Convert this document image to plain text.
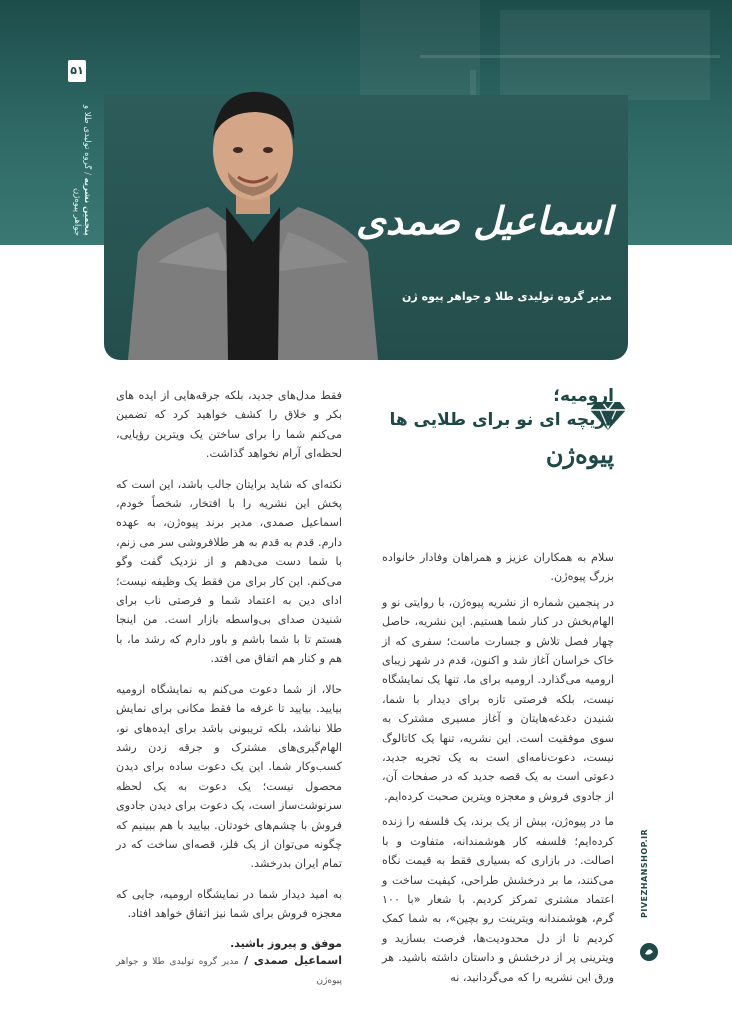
۵۱
پنجمین نشریه / گروه تولیدی طلا و جواهر پیوه‌ژن	اسماعیل صمدی
مدیر گروه تولیدی طلا و جواهر پیوه ژن
ارومیه؛
دریچه ای نو برای طلایی ها
پیوه‌ژن

سلام به همکاران عزیز و همراهان وفادار خانواده بزرگ پیوه‌ژن.

در پنجمین شماره از نشریه پیوه‌ژن، با روایتی نو و الهام‌بخش در کنار شما هستیم. این نشریه، حاصل چهار فصل تلاش و جسارت ماست؛ سفری که از خاک خراسان آغاز شد و اکنون، قدم در شهر زیبای ارومیه می‌گذارد. ارومیه برای ما، تنها یک نمایشگاه نیست، بلکه فرصتی تازه برای دیدار با شما، شنیدن دغدغه‌هایتان و آغاز مسیری مشترک به سوی موفقیت است. این نشریه، تنها یک کاتالوگ نیست، دعوت‌نامه‌ای است به یک تجربه جدید، دعوتی است به یک قصه جدید که در صفحات آن، از جادوی فروش و معجزه ویترین صحبت کرده‌ایم.

ما در پیوه‌ژن، بیش از یک برند، یک فلسفه را زنده کرده‌ایم؛ فلسفه کار هوشمندانه، متفاوت و با اصالت. در بازاری که بسیاری فقط به قیمت نگاه می‌کنند، ما بر درخشش طراحی، کیفیت ساخت و اعتماد مشتری تمرکز کردیم. با شعار «با ۱۰۰ گرم، هوشمندانه ویترینت رو بچین»، به شما کمک کردیم تا از دل محدودیت‌ها، فرصت بسازید و ویترینی پر از درخشش و داستان داشته باشید. هر ورق این نشریه را که می‌گردانید، نه

فقط مدل‌های جدید، بلکه جرقه‌هایی از ایده های بکر و خلاق را کشف خواهید کرد که تضمین می‌کنم شما را برای ساختن یک ویترین رؤیایی، لحظه‌ای آرام نخواهد گذاشت.

نکته‌ای که شاید برایتان جالب باشد، این است که پخش این نشریه را با افتخار، شخصاً خودم، اسماعیل صمدی، مدیر برند پیوه‌ژن، به عهده دارم. قدم به قدم به هر طلافروشی سر می زنم، با شما دست می‌دهم و از نزدیک گفت وگو می‌کنم. این کار برای من فقط یک وظیفه نیست؛ ادای دین به اعتماد شما و فرصتی ناب برای شنیدن صدای بی‌واسطه بازار است. من اینجا هستم تا با شما باشم و باور دارم که رشد ما، با هم و کنار هم اتفاق می افتد.

حالا، از شما دعوت می‌کنم به نمایشگاه ارومیه بیایید. بیایید تا غرفه ما فقط مکانی برای نمایش طلا نباشد، بلکه تریبونی باشد برای ایده‌های نو، الهام‌گیری‌های مشترک و جرقه زدن رشد کسب‌وکار شما. این یک دعوت ساده برای دیدن محصول نیست؛ یک دعوت به یک لحظه سرنوشت‌ساز است، یک دعوت برای دیدن جادوی فروش با چشم‌های خودتان. بیایید با هم ببینیم که چگونه می‌توان از یک فلز، قصه‌ای ساخت که در تمام ایران بدرخشد.

به امید دیدار شما در نمایشگاه ارومیه، جایی که معجزه فروش برای شما نیز اتفاق خواهد افتاد.

موفق و پیروز باشید.
اسماعیل صمدی / مدیر گروه تولیدی طلا و جواهر پیوه‌ژن
PIVEZHANSHOP.IR
